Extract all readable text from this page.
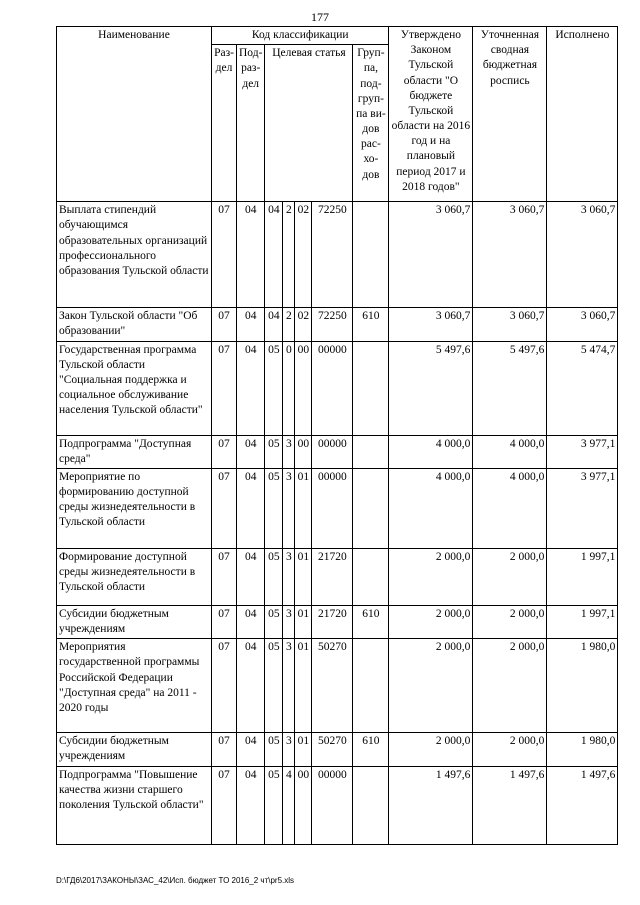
177
Наименование	Код классификации							Утверждено Законом Тульской области "О бюджете Тульской области на 2016 год и на плановый период 2017 и 2018 годов"	Уточненная сводная бюджетная роспись	Исполнено
	Раз- дел	Под- раз- дел	Целевая статья				Груп- па, под- груп- па ви- дов рас- хо- дов			
Выплата стипендий обучающимся образовательных организаций профессионального образования Тульской области	07	04	04	2	02	72250		3 060,7	3 060,7	3 060,7
Закон Тульской области "Об образовании"	07	04	04	2	02	72250	610	3 060,7	3 060,7	3 060,7
Государственная программа Тульской области "Социальная поддержка и социальное обслуживание населения Тульской области"	07	04	05	0	00	00000		5 497,6	5 497,6	5 474,7
Подпрограмма "Доступная среда"	07	04	05	3	00	00000		4 000,0	4 000,0	3 977,1
Мероприятие по формированию доступной среды жизнедеятельности в Тульской области	07	04	05	3	01	00000		4 000,0	4 000,0	3 977,1
Формирование доступной среды жизнедеятельности в Тульской области	07	04	05	3	01	21720		2 000,0	2 000,0	1 997,1
Субсидии бюджетным учреждениям	07	04	05	3	01	21720	610	2 000,0	2 000,0	1 997,1
Мероприятия государственной программы Российской Федерации "Доступная среда" на 2011 - 2020 годы	07	04	05	3	01	50270		2 000,0	2 000,0	1 980,0
Субсидии бюджетным учреждениям	07	04	05	3	01	50270	610	2 000,0	2 000,0	1 980,0
Подпрограмма "Повышение качества жизни старшего поколения Тульской области"	07	04	05	4	00	00000		1 497,6	1 497,6	1 497,6
D:\ГД6\2017\ЗАКОНЫ\ЗАС_42\Исп. бюджет ТО 2016_2 чт\pr5.xls
